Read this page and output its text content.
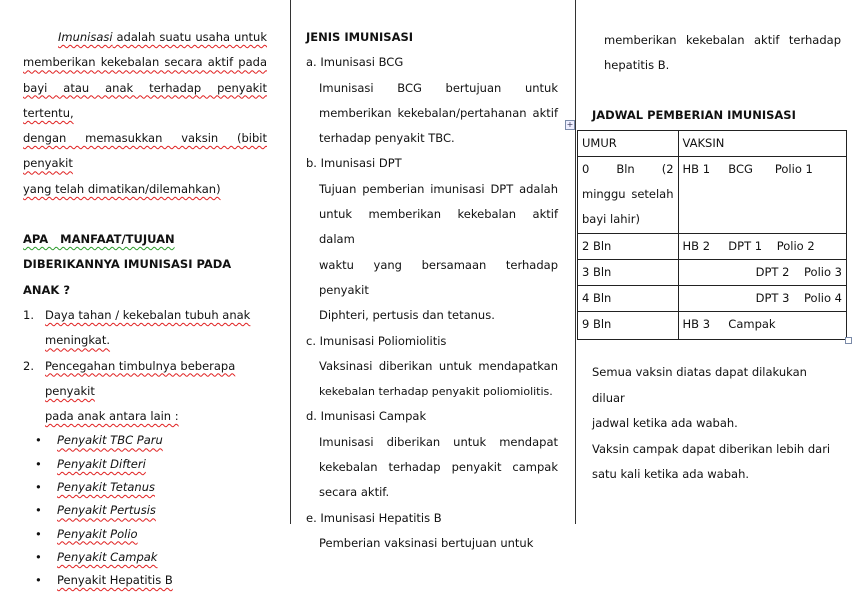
Imunisasi adalah suatu usaha untuk
memberikan kekebalan secara aktif pada
bayi atau anak terhadap penyakit tertentu,
dengan memasukkan vaksin (bibit penyakit
yang telah dimatikan/dilemahkan)
APA   MANFAAT/TUJUAN
DIBERIKANNYA IMUNISASI PADA
ANAK ?
1. Daya tahan / kekebalan tubuh anak
meningkat.
2. Pencegahan timbulnya beberapa penyakit
pada anak antara lain :
• Penyakit TBC Paru
• Penyakit Difteri
• Penyakit Tetanus
• Penyakit Pertusis
• Penyakit Polio
• Penyakit Campak
• Penyakit Hepatitis B
JENIS IMUNISASI
a. Imunisasi BCG
Imunisasi BCG bertujuan untuk
memberikan kekebalan/pertahanan aktif
terhadap penyakit TBC.
b. Imunisasi DPT
Tujuan pemberian imunisasi DPT adalah
untuk memberikan kekebalan aktif dalam
waktu yang bersamaan terhadap penyakit
Diphteri, pertusis dan tetanus.
c. Imunisasi Poliomiolitis
Vaksinasi diberikan untuk mendapatkan
kekebalan terhadap penyakit poliomiolitis.
d. Imunisasi Campak
Imunisasi diberikan untuk mendapat
kekebalan terhadap penyakit campak
secara aktif.
e. Imunisasi Hepatitis B
Pemberian vaksinasi bertujuan untuk
memberikan kekebalan aktif terhadap
hepatitis B.
JADWAL PEMBERIAN IMUNISASI
+
UMUR	VAKSIN
0 Bln (2 minggu setelah bayi lahir)	HB 1     BCG      Polio 1
2 Bln	HB 2     DPT 1    Polio 2
3 Bln	DPT 2    Polio 3
4 Bln	DPT 3    Polio 4
9 Bln	HB 3     Campak
Semua vaksin diatas dapat dilakukan diluar
jadwal ketika ada wabah.
Vaksin campak dapat diberikan lebih dari
satu kali ketika ada wabah.
